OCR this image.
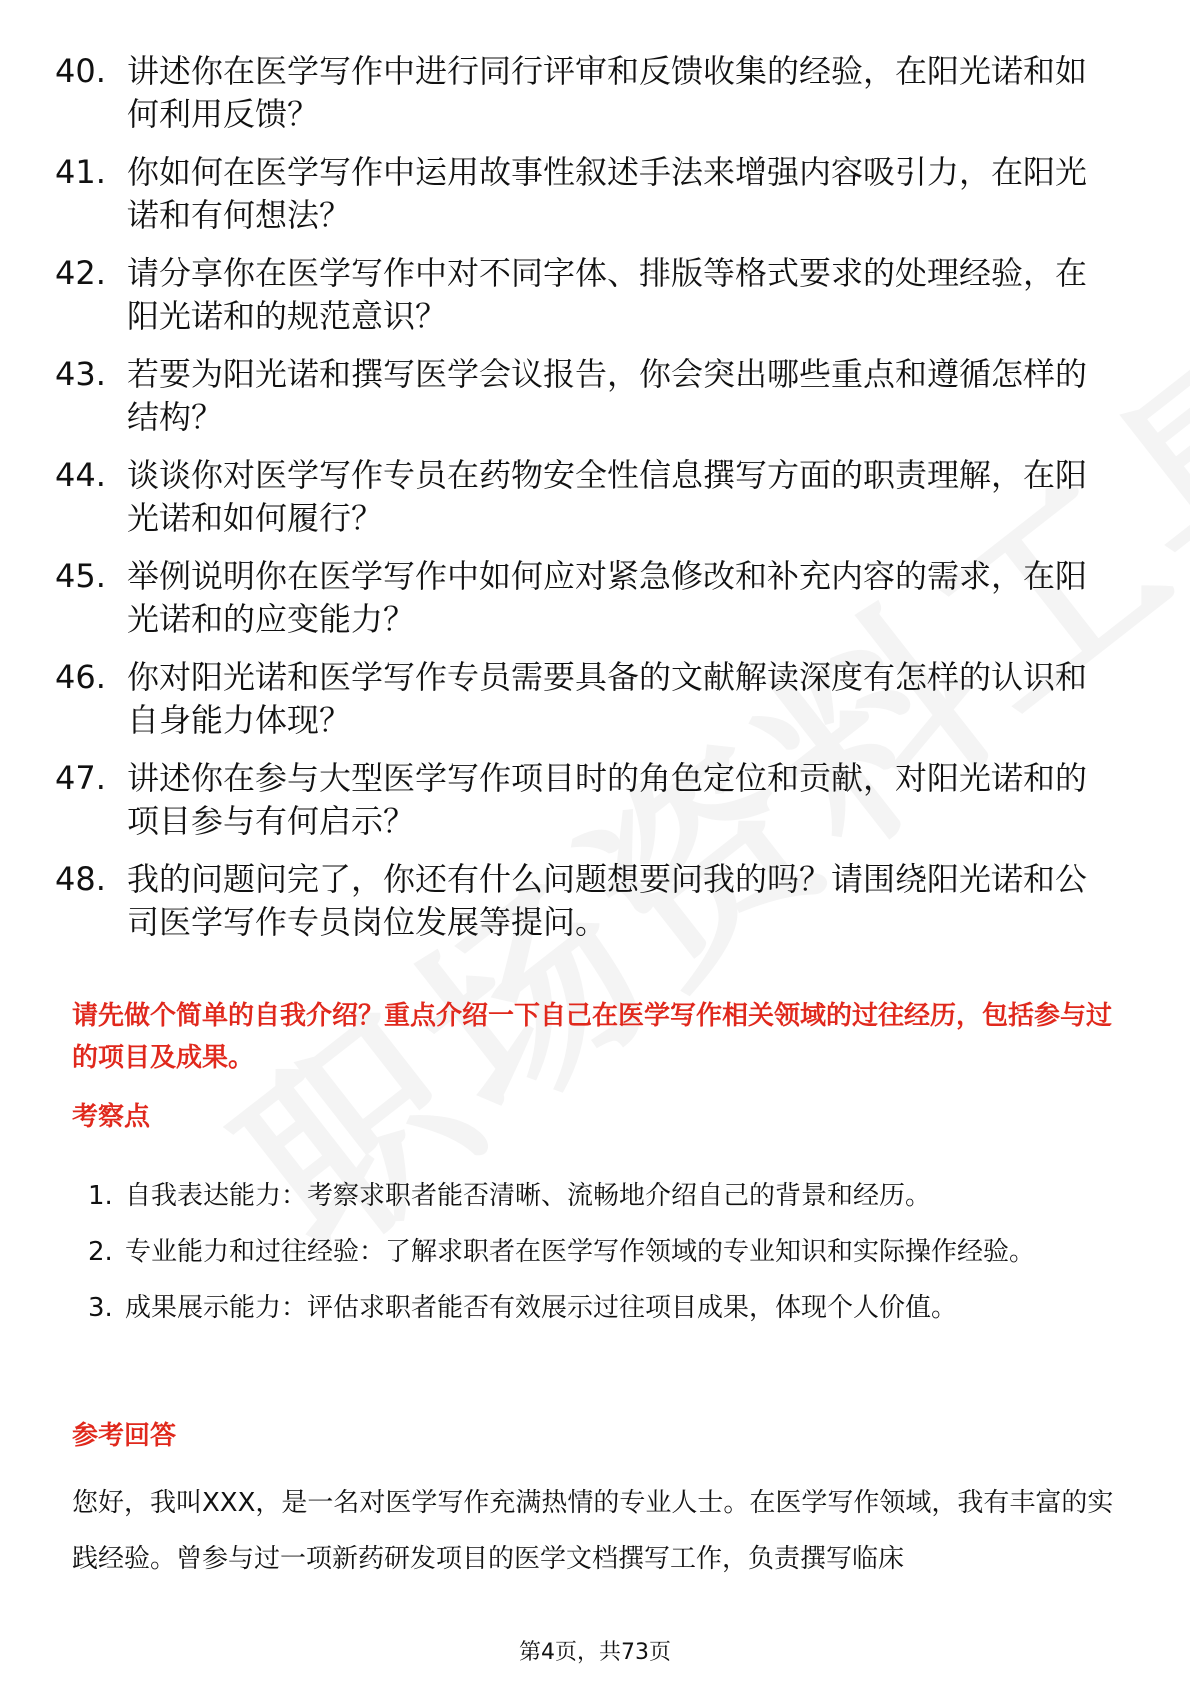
40. 讲述你在医学写作中进行同行评审和反馈收集的经验，在阳光诺和如何利用反馈？
41. 你如何在医学写作中运用故事性叙述手法来增强内容吸引力，在阳光诺和有何想法？
42. 请分享你在医学写作中对不同字体、排版等格式要求的处理经验，在阳光诺和的规范意识？
43. 若要为阳光诺和撰写医学会议报告，你会突出哪些重点和遵循怎样的结构？
44. 谈谈你对医学写作专员在药物安全性信息撰写方面的职责理解，在阳光诺和如何履行？
45. 举例说明你在医学写作中如何应对紧急修改和补充内容的需求，在阳光诺和的应变能力？
46. 你对阳光诺和医学写作专员需要具备的文献解读深度有怎样的认识和自身能力体现？
47. 讲述你在参与大型医学写作项目时的角色定位和贡献，对阳光诺和的项目参与有何启示？
48. 我的问题问完了，你还有什么问题想要问我的吗？请围绕阳光诺和公司医学写作专员岗位发展等提问。
请先做个简单的自我介绍？重点介绍一下自己在医学写作相关领域的过往经历，包括参与过的项目及成果。
考察点
1. 自我表达能力：考察求职者能否清晰、流畅地介绍自己的背景和经历。
2. 专业能力和过往经验：了解求职者在医学写作领域的专业知识和实际操作经验。
3. 成果展示能力：评估求职者能否有效展示过往项目成果，体现个人价值。
参考回答
您好，我叫XXX，是一名对医学写作充满热情的专业人士。在医学写作领域，我有丰富的实践经验。曾参与过一项新药研发项目的医学文档撰写工作，负责撰写临床
第4页，共73页
